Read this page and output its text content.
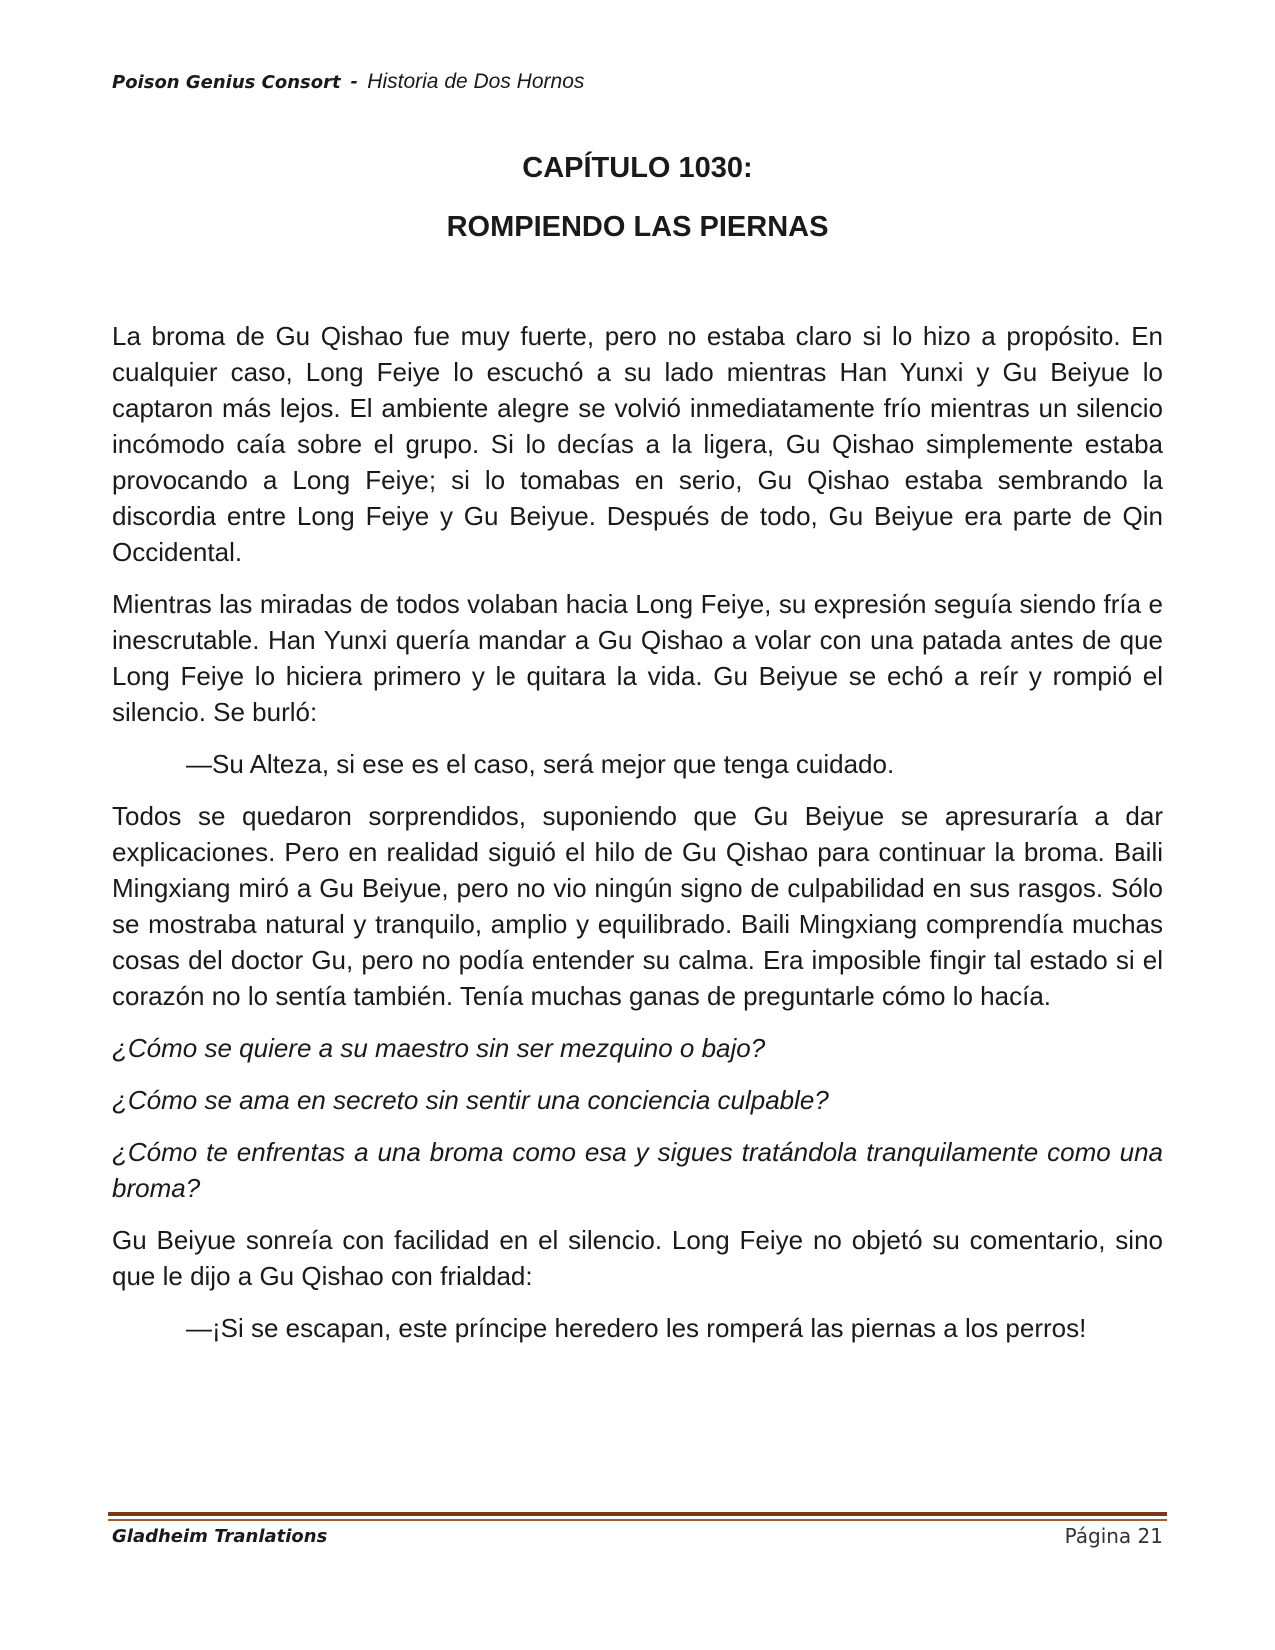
Poison Genius Consort - Historia de Dos Hornos
CAPÍTULO 1030:
ROMPIENDO LAS PIERNAS

La broma de Gu Qishao fue muy fuerte, pero no estaba claro si lo hizo a propósito. En cualquier caso, Long Feiye lo escuchó a su lado mientras Han Yunxi y Gu Beiyue lo captaron más lejos. El ambiente alegre se volvió inmediatamente frío mientras un silencio incómodo caía sobre el grupo. Si lo decías a la ligera, Gu Qishao simplemente estaba provocando a Long Feiye; si lo tomabas en serio, Gu Qishao estaba sembrando la discordia entre Long Feiye y Gu Beiyue. Después de todo, Gu Beiyue era parte de Qin Occidental.

Mientras las miradas de todos volaban hacia Long Feiye, su expresión seguía siendo fría e inescrutable. Han Yunxi quería mandar a Gu Qishao a volar con una patada antes de que Long Feiye lo hiciera primero y le quitara la vida. Gu Beiyue se echó a reír y rompió el silencio. Se burló:

—Su Alteza, si ese es el caso, será mejor que tenga cuidado.

Todos se quedaron sorprendidos, suponiendo que Gu Beiyue se apresuraría a dar explicaciones. Pero en realidad siguió el hilo de Gu Qishao para continuar la broma. Baili Mingxiang miró a Gu Beiyue, pero no vio ningún signo de culpabilidad en sus rasgos. Sólo se mostraba natural y tranquilo, amplio y equilibrado. Baili Mingxiang comprendía muchas cosas del doctor Gu, pero no podía entender su calma. Era imposible fingir tal estado si el corazón no lo sentía también. Tenía muchas ganas de preguntarle cómo lo hacía.

¿Cómo se quiere a su maestro sin ser mezquino o bajo?

¿Cómo se ama en secreto sin sentir una conciencia culpable?

¿Cómo te enfrentas a una broma como esa y sigues tratándola tranquilamente como una broma?

Gu Beiyue sonreía con facilidad en el silencio. Long Feiye no objetó su comentario, sino que le dijo a Gu Qishao con frialdad:

—¡Si se escapan, este príncipe heredero les romperá las piernas a los perros!

Gladheim Tranlations	Página 21
